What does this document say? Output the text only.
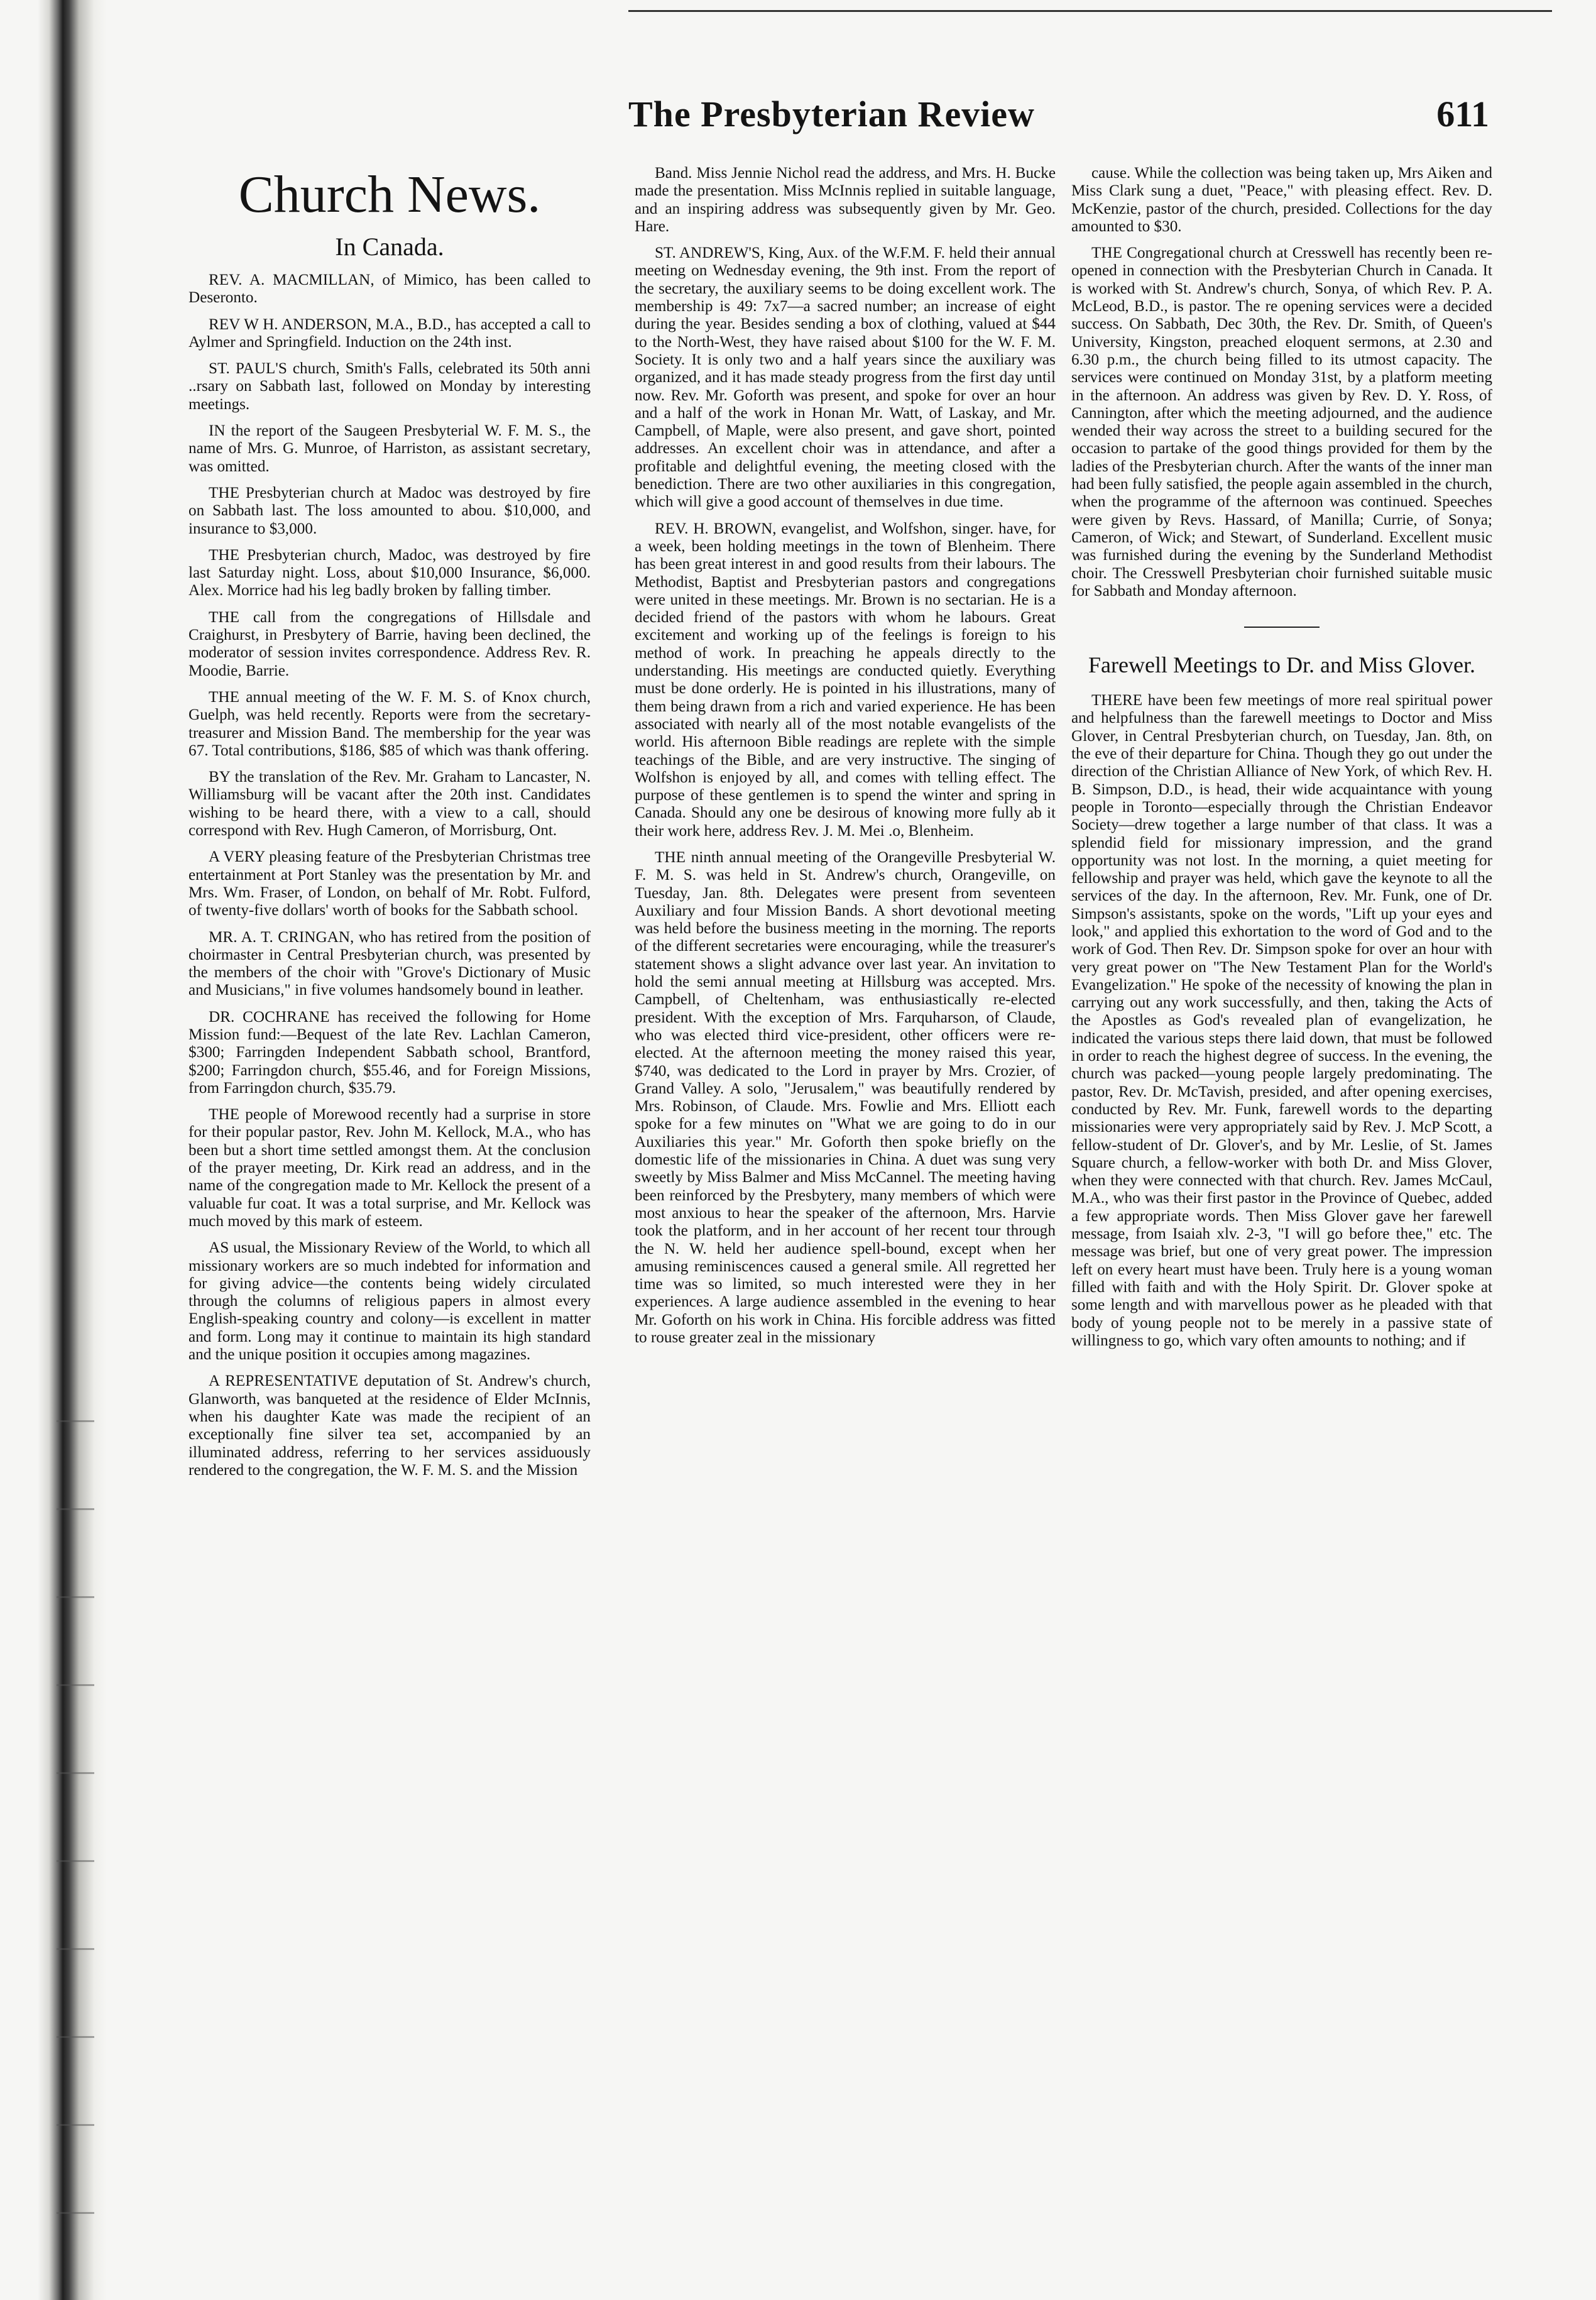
The Presbyterian Review	611
Church News.
In Canada.

REV. A. MACMILLAN, of Mimico, has been called to Deseronto.

REV W H. ANDERSON, M.A., B.D., has accepted a call to Aylmer and Springfield. Induction on the 24th inst.

ST. PAUL'S church, Smith's Falls, celebrated its 50th anni ..rsary on Sabbath last, followed on Monday by interesting meetings.

IN the report of the Saugeen Presbyterial W. F. M. S., the name of Mrs. G. Munroe, of Harriston, as assistant secretary, was omitted.

THE Presbyterian church at Madoc was destroyed by fire on Sabbath last. The loss amounted to abou. $10,000, and insurance to $3,000.

THE Presbyterian church, Madoc, was destroyed by fire last Saturday night. Loss, about $10,000 Insurance, $6,000. Alex. Morrice had his leg badly broken by falling timber.

THE call from the congregations of Hillsdale and Craighurst, in Presbytery of Barrie, having been declined, the moderator of session invites correspondence. Address Rev. R. Moodie, Barrie.

THE annual meeting of the W. F. M. S. of Knox church, Guelph, was held recently. Reports were from the secretary-treasurer and Mission Band. The membership for the year was 67. Total contributions, $186, $85 of which was thank offering.

BY the translation of the Rev. Mr. Graham to Lancaster, N. Williamsburg will be vacant after the 20th inst. Candidates wishing to be heard there, with a view to a call, should correspond with Rev. Hugh Cameron, of Morrisburg, Ont.

A VERY pleasing feature of the Presbyterian Christmas tree entertainment at Port Stanley was the presentation by Mr. and Mrs. Wm. Fraser, of London, on behalf of Mr. Robt. Fulford, of twenty-five dollars' worth of books for the Sabbath school.

MR. A. T. CRINGAN, who has retired from the position of choirmaster in Central Presbyterian church, was presented by the members of the choir with "Grove's Dictionary of Music and Musicians," in five volumes handsomely bound in leather.

DR. COCHRANE has received the following for Home Mission fund:—Bequest of the late Rev. Lachlan Cameron, $300; Farringden Independent Sabbath school, Brantford, $200; Farringdon church, $55.46, and for Foreign Missions, from Farringdon church, $35.79.

THE people of Morewood recently had a surprise in store for their popular pastor, Rev. John M. Kellock, M.A., who has been but a short time settled amongst them. At the conclusion of the prayer meeting, Dr. Kirk read an address, and in the name of the congregation made to Mr. Kellock the present of a valuable fur coat. It was a total surprise, and Mr. Kellock was much moved by this mark of esteem.

AS usual, the Missionary Review of the World, to which all missionary workers are so much indebted for information and for giving advice—the contents being widely circulated through the columns of religious papers in almost every English-speaking country and colony—is excellent in matter and form. Long may it continue to maintain its high standard and the unique position it occupies among magazines.

A REPRESENTATIVE deputation of St. Andrew's church, Glanworth, was banqueted at the residence of Elder McInnis, when his daughter Kate was made the recipient of an exceptionally fine silver tea set, accompanied by an illuminated address, referring to her services assiduously rendered to the congregation, the W. F. M. S. and the Mission

Band. Miss Jennie Nichol read the address, and Mrs. H. Bucke made the presentation. Miss McInnis replied in suitable language, and an inspiring address was subsequently given by Mr. Geo. Hare.

ST. ANDREW'S, King, Aux. of the W.F.M. F. held their annual meeting on Wednesday evening, the 9th inst. From the report of the secretary, the auxiliary seems to be doing excellent work. The membership is 49: 7x7—a sacred number; an increase of eight during the year. Besides sending a box of clothing, valued at $44 to the North-West, they have raised about $100 for the W. F. M. Society. It is only two and a half years since the auxiliary was organized, and it has made steady progress from the first day until now. Rev. Mr. Goforth was present, and spoke for over an hour and a half of the work in Honan Mr. Watt, of Laskay, and Mr. Campbell, of Maple, were also present, and gave short, pointed addresses. An excellent choir was in attendance, and after a profitable and delightful evening, the meeting closed with the benediction. There are two other auxiliaries in this congregation, which will give a good account of themselves in due time.

REV. H. BROWN, evangelist, and Wolfshon, singer. have, for a week, been holding meetings in the town of Blenheim. There has been great interest in and good results from their labours. The Methodist, Baptist and Presbyterian pastors and congregations were united in these meetings. Mr. Brown is no sectarian. He is a decided friend of the pastors with whom he labours. Great excitement and working up of the feelings is foreign to his method of work. In preaching he appeals directly to the understanding. His meetings are conducted quietly. Everything must be done orderly. He is pointed in his illustrations, many of them being drawn from a rich and varied experience. He has been associated with nearly all of the most notable evangelists of the world. His afternoon Bible readings are replete with the simple teachings of the Bible, and are very instructive. The singing of Wolfshon is enjoyed by all, and comes with telling effect. The purpose of these gentlemen is to spend the winter and spring in Canada. Should any one be desirous of knowing more fully ab it their work here, address Rev. J. M. Mei .o, Blenheim.

THE ninth annual meeting of the Orangeville Presbyterial W. F. M. S. was held in St. Andrew's church, Orangeville, on Tuesday, Jan. 8th. Delegates were present from seventeen Auxiliary and four Mission Bands. A short devotional meeting was held before the business meeting in the morning. The reports of the different secretaries were encouraging, while the treasurer's statement shows a slight advance over last year. An invitation to hold the semi annual meeting at Hillsburg was accepted. Mrs. Campbell, of Cheltenham, was enthusiastically re-elected president. With the exception of Mrs. Farquharson, of Claude, who was elected third vice-president, other officers were re-elected. At the afternoon meeting the money raised this year, $740, was dedicated to the Lord in prayer by Mrs. Crozier, of Grand Valley. A solo, "Jerusalem," was beautifully rendered by Mrs. Robinson, of Claude. Mrs. Fowlie and Mrs. Elliott each spoke for a few minutes on "What we are going to do in our Auxiliaries this year." Mr. Goforth then spoke briefly on the domestic life of the missionaries in China. A duet was sung very sweetly by Miss Balmer and Miss McCannel. The meeting having been reinforced by the Presbytery, many members of which were most anxious to hear the speaker of the afternoon, Mrs. Harvie took the platform, and in her account of her recent tour through the N. W. held her audience spell-bound, except when her amusing reminiscences caused a general smile. All regretted her time was so limited, so much interested were they in her experiences. A large audience assembled in the evening to hear Mr. Goforth on his work in China. His forcible address was fitted to rouse greater zeal in the missionary

cause. While the collection was being taken up, Mrs Aiken and Miss Clark sung a duet, "Peace," with pleasing effect. Rev. D. McKenzie, pastor of the church, presided. Collections for the day amounted to $30.

THE Congregational church at Cresswell has recently been re-opened in connection with the Presbyterian Church in Canada. It is worked with St. Andrew's church, Sonya, of which Rev. P. A. McLeod, B.D., is pastor. The re opening services were a decided success. On Sabbath, Dec 30th, the Rev. Dr. Smith, of Queen's University, Kingston, preached eloquent sermons, at 2.30 and 6.30 p.m., the church being filled to its utmost capacity. The services were continued on Monday 31st, by a platform meeting in the afternoon. An address was given by Rev. D. Y. Ross, of Cannington, after which the meeting adjourned, and the audience wended their way across the street to a building secured for the occasion to partake of the good things provided for them by the ladies of the Presbyterian church. After the wants of the inner man had been fully satisfied, the people again assembled in the church, when the programme of the afternoon was continued. Speeches were given by Revs. Hassard, of Manilla; Currie, of Sonya; Cameron, of Wick; and Stewart, of Sunderland. Excellent music was furnished during the evening by the Sunderland Methodist choir. The Cresswell Presbyterian choir furnished suitable music for Sabbath and Monday afternoon.

Farewell Meetings to Dr. and Miss Glover.

THERE have been few meetings of more real spiritual power and helpfulness than the farewell meetings to Doctor and Miss Glover, in Central Presbyterian church, on Tuesday, Jan. 8th, on the eve of their departure for China. Though they go out under the direction of the Christian Alliance of New York, of which Rev. H. B. Simpson, D.D., is head, their wide acquaintance with young people in Toronto—especially through the Christian Endeavor Society—drew together a large number of that class. It was a splendid field for missionary impression, and the grand opportunity was not lost. In the morning, a quiet meeting for fellowship and prayer was held, which gave the keynote to all the services of the day. In the afternoon, Rev. Mr. Funk, one of Dr. Simpson's assistants, spoke on the words, "Lift up your eyes and look," and applied this exhortation to the word of God and to the work of God. Then Rev. Dr. Simpson spoke for over an hour with very great power on "The New Testament Plan for the World's Evangelization." He spoke of the necessity of knowing the plan in carrying out any work successfully, and then, taking the Acts of the Apostles as God's revealed plan of evangelization, he indicated the various steps there laid down, that must be followed in order to reach the highest degree of success. In the evening, the church was packed—young people largely predominating. The pastor, Rev. Dr. McTavish, presided, and after opening exercises, conducted by Rev. Mr. Funk, farewell words to the departing missionaries were very appropriately said by Rev. J. McP Scott, a fellow-student of Dr. Glover's, and by Mr. Leslie, of St. James Square church, a fellow-worker with both Dr. and Miss Glover, when they were connected with that church. Rev. James McCaul, M.A., who was their first pastor in the Province of Quebec, added a few appropriate words. Then Miss Glover gave her farewell message, from Isaiah xlv. 2-3, "I will go before thee," etc. The message was brief, but one of very great power. The impression left on every heart must have been. Truly here is a young woman filled with faith and with the Holy Spirit. Dr. Glover spoke at some length and with marvellous power as he pleaded with that body of young people not to be merely in a passive state of willingness to go, which vary often amounts to nothing; and if
